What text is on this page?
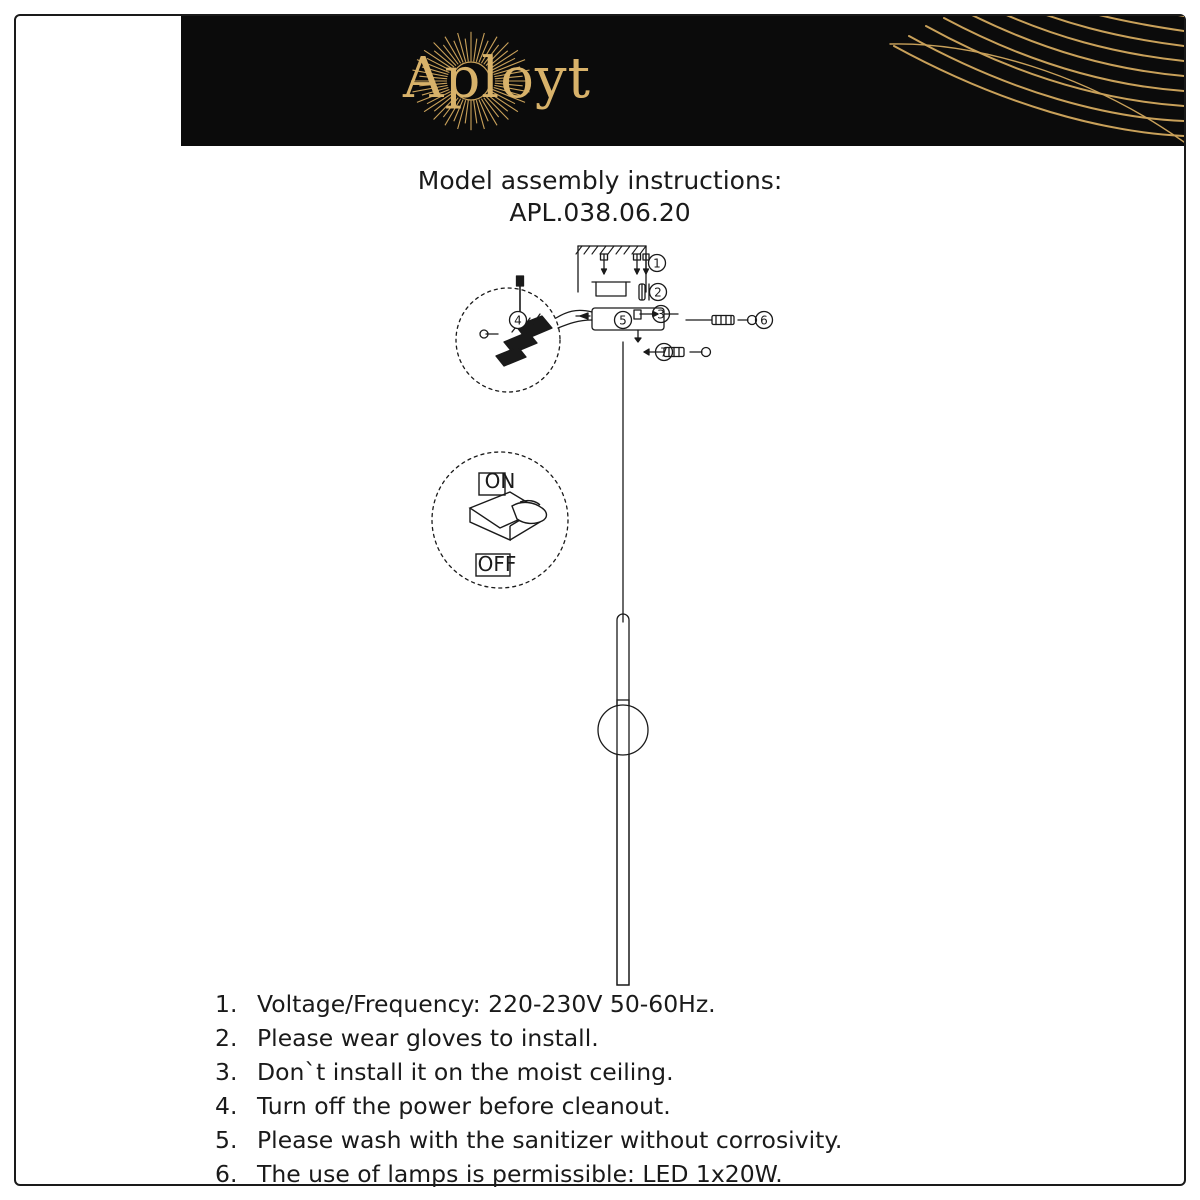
Aployt
Model assembly instructions:
APL.038.06.20
1
2
3
5	6
7
4
ON
OFF
1. Voltage/Frequency: 220-230V 50-60Hz.
2. Please wear gloves to install.
3. Don`t install it on the moist ceiling.
4. Turn off the power before cleanout.
5. Please wash with the sanitizer without corrosivity.
6. The use of lamps is permissible: LED 1x20W.
